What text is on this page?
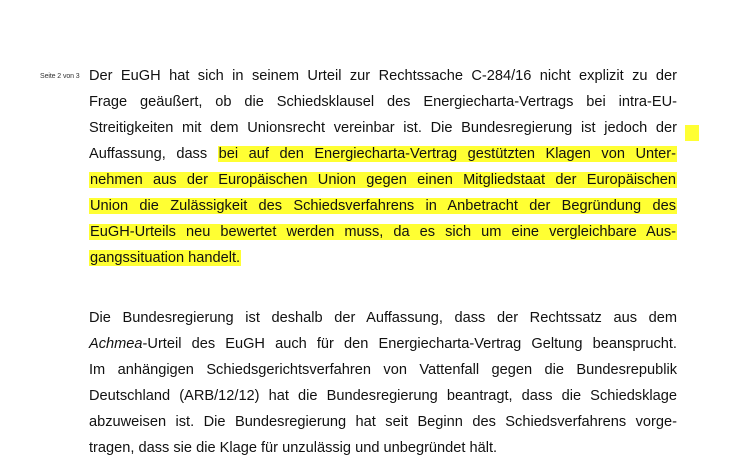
Seite 2 von 3 Der EuGH hat sich in seinem Urteil zur Rechtssache C-284/16 nicht explizit zu der
Frage geäußert, ob die Schiedsklausel des Energiecharta-Vertrags bei intra-EU-
Streitigkeiten mit dem Unionsrecht vereinbar ist. Die Bundesregierung ist jedoch der
Auffassung, dass bei auf den Energiecharta-Vertrag gestützten Klagen von Unter-
nehmen aus der Europäischen Union gegen einen Mitgliedstaat der Europäischen
Union die Zulässigkeit des Schiedsverfahrens in Anbetracht der Begründung des
EuGH-Urteils neu bewertet werden muss, da es sich um eine vergleichbare Aus-
gangssituation handelt.
Die Bundesregierung ist deshalb der Auffassung, dass der Rechtssatz aus dem
Achmea-Urteil des EuGH auch für den Energiecharta-Vertrag Geltung beansprucht.
Im anhängigen Schiedsgerichtsverfahren von Vattenfall gegen die Bundesrepublik
Deutschland (ARB/12/12) hat die Bundesregierung beantragt, dass die Schiedsklage
abzuweisen ist. Die Bundesregierung hat seit Beginn des Schiedsverfahrens vorge-
tragen, dass sie die Klage für unzulässig und unbegründet hält.
